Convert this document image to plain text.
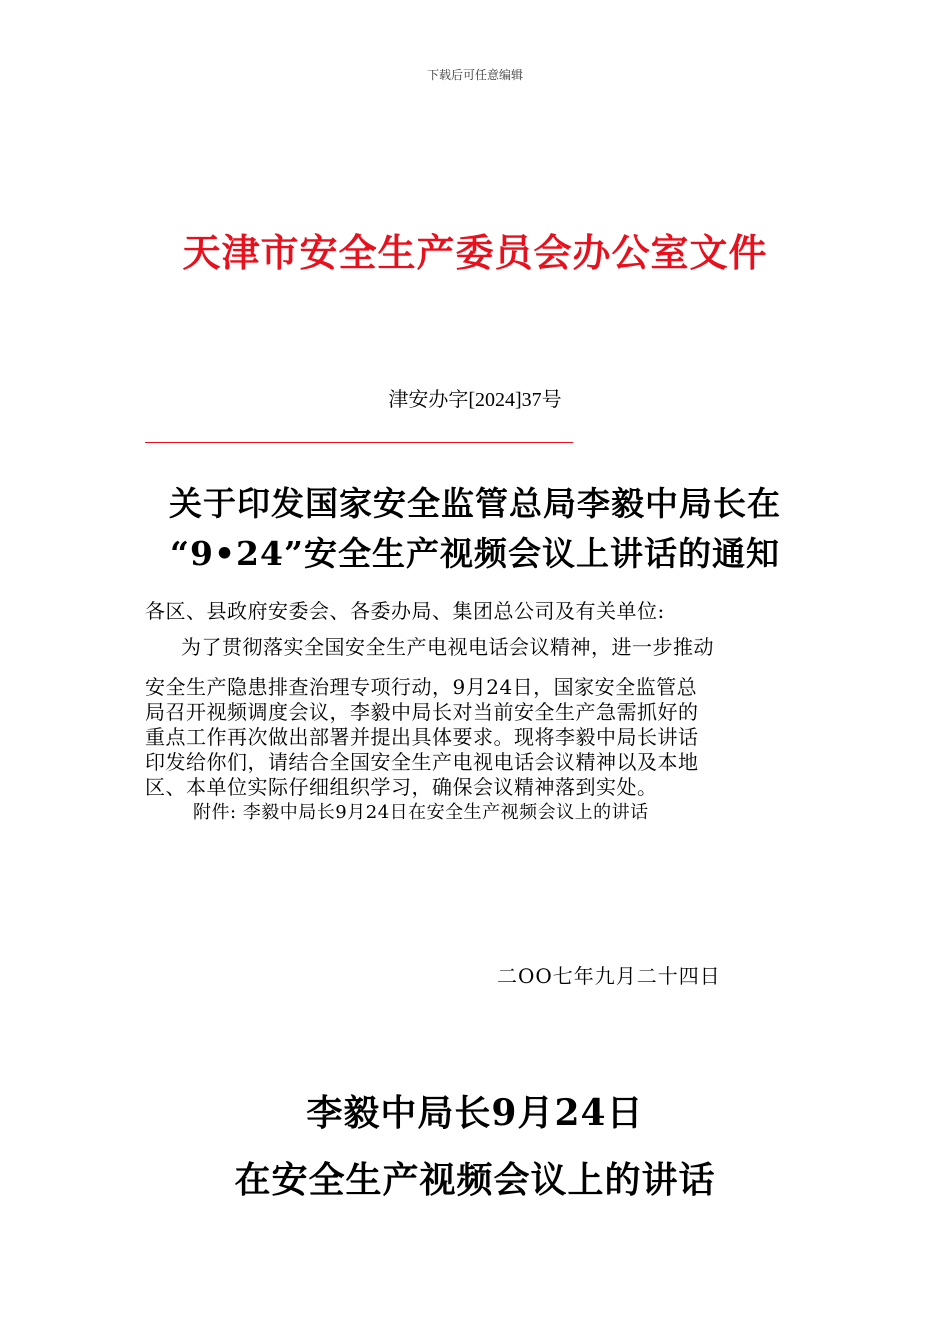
下载后可任意编辑
天津市安全生产委员会办公室文件
津安办字[2024]37号
关于印发国家安全监管总局李毅中局长在
“9•24”安全生产视频会议上讲话的通知
各区、县政府安委会、各委办局、集团总公司及有关单位:
为了贯彻落实全国安全生产电视电话会议精神，进一步推动
安全生产隐患排查治理专项行动，9月24日，国家安全监管总
局召开视频调度会议，李毅中局长对当前安全生产急需抓好的
重点工作再次做出部署并提出具体要求。现将李毅中局长讲话
印发给你们，请结合全国安全生产电视电话会议精神以及本地
区、本单位实际仔细组织学习，确保会议精神落到实处。
附件: 李毅中局长9月24日在安全生产视频会议上的讲话
二OO七年九月二十四日
李毅中局长9月24日
在安全生产视频会议上的讲话
